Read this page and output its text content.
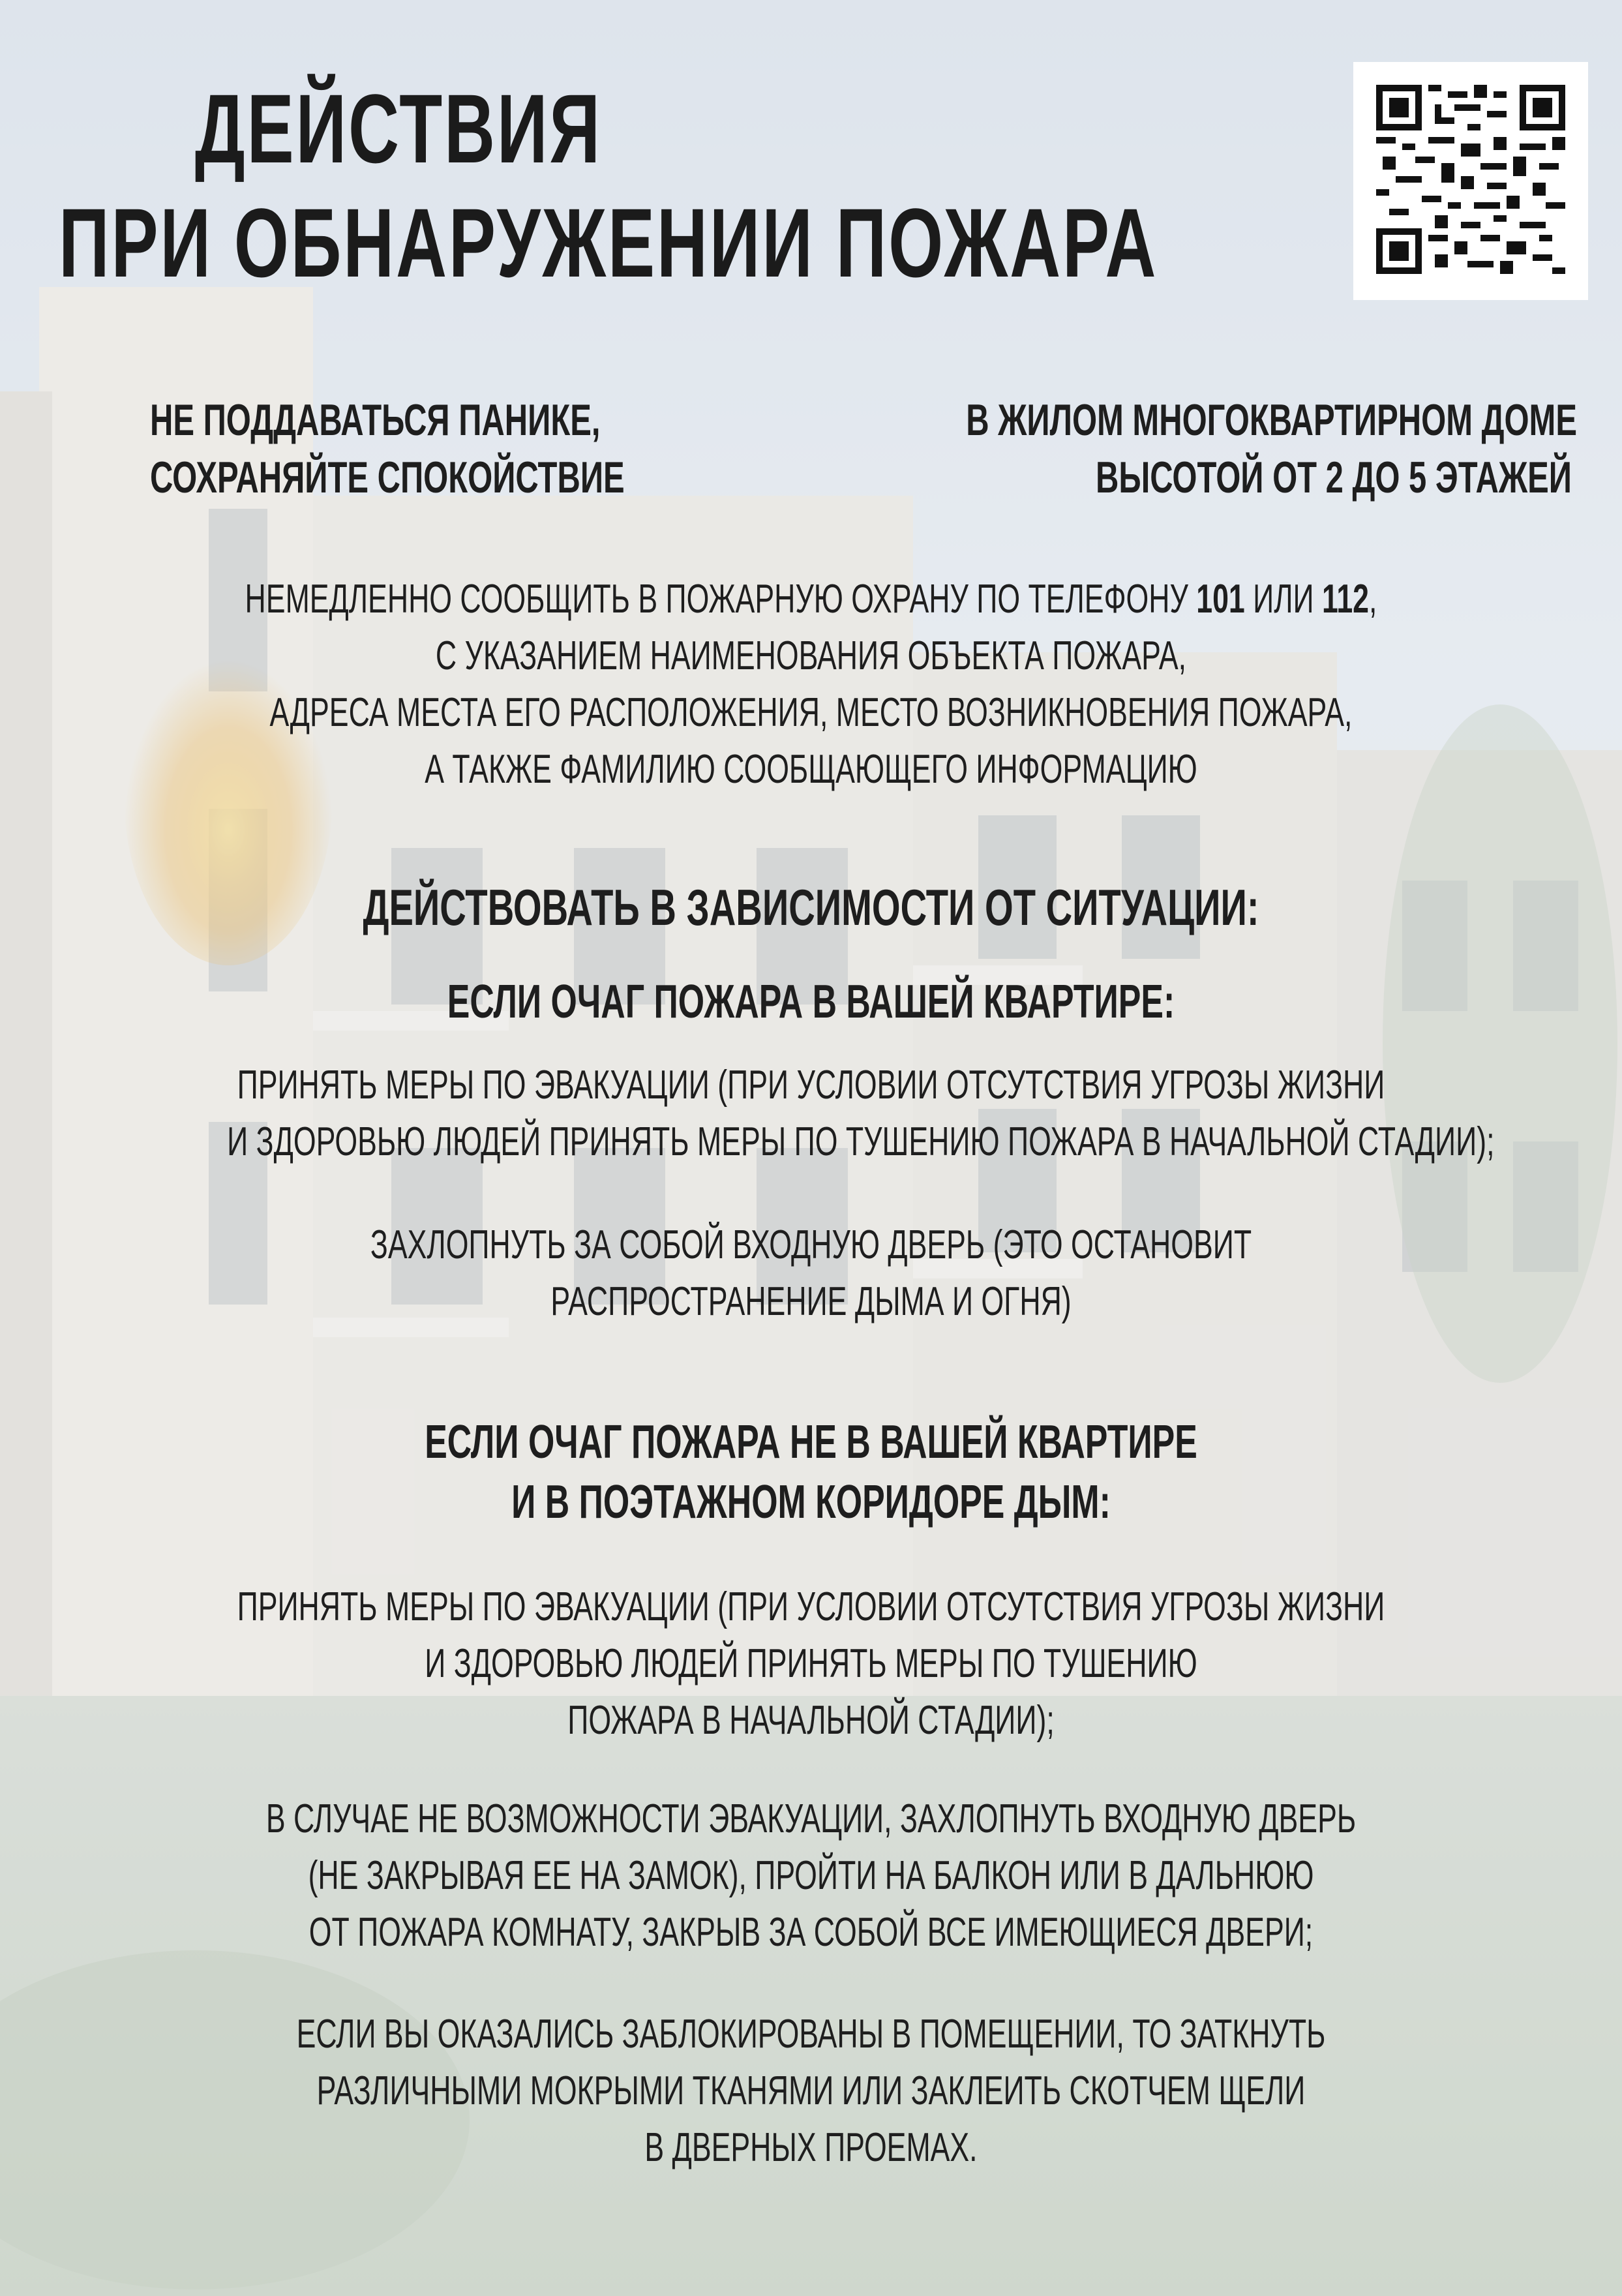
ДЕЙСТВИЯ
ПРИ ОБНАРУЖЕНИИ ПОЖАРА
НЕ ПОДДАВАТЬСЯ ПАНИКЕ,
СОХРАНЯЙТЕ СПОКОЙСТВИЕ
В ЖИЛОМ МНОГОКВАРТИРНОМ ДОМЕ
ВЫСОТОЙ ОТ 2 ДО 5 ЭТАЖЕЙ
НЕМЕДЛЕННО СООБЩИТЬ В ПОЖАРНУЮ ОХРАНУ ПО ТЕЛЕФОНУ 101 ИЛИ 112,
С УКАЗАНИЕМ НАИМЕНОВАНИЯ ОБЪЕКТА ПОЖАРА,
АДРЕСА МЕСТА ЕГО РАСПОЛОЖЕНИЯ, МЕСТО ВОЗНИКНОВЕНИЯ ПОЖАРА,
А ТАКЖЕ ФАМИЛИЮ СООБЩАЮЩЕГО ИНФОРМАЦИЮ
ДЕЙСТВОВАТЬ В ЗАВИСИМОСТИ ОТ СИТУАЦИИ:
ЕСЛИ ОЧАГ ПОЖАРА В ВАШЕЙ КВАРТИРЕ:
ПРИНЯТЬ МЕРЫ ПО ЭВАКУАЦИИ (ПРИ УСЛОВИИ ОТСУТСТВИЯ УГРОЗЫ ЖИЗНИ
И ЗДОРОВЬЮ ЛЮДЕЙ ПРИНЯТЬ МЕРЫ ПО ТУШЕНИЮ ПОЖАРА В НАЧАЛЬНОЙ СТАДИИ);
ЗАХЛОПНУТЬ ЗА СОБОЙ ВХОДНУЮ ДВЕРЬ (ЭТО ОСТАНОВИТ
РАСПРОСТРАНЕНИЕ ДЫМА И ОГНЯ)
ЕСЛИ ОЧАГ ПОЖАРА НЕ В ВАШЕЙ КВАРТИРЕ
И В ПОЭТАЖНОМ КОРИДОРЕ ДЫМ:
ПРИНЯТЬ МЕРЫ ПО ЭВАКУАЦИИ (ПРИ УСЛОВИИ ОТСУТСТВИЯ УГРОЗЫ ЖИЗНИ
И ЗДОРОВЬЮ ЛЮДЕЙ ПРИНЯТЬ МЕРЫ ПО ТУШЕНИЮ
ПОЖАРА В НАЧАЛЬНОЙ СТАДИИ);
В СЛУЧАЕ НЕ ВОЗМОЖНОСТИ ЭВАКУАЦИИ, ЗАХЛОПНУТЬ ВХОДНУЮ ДВЕРЬ
(НЕ ЗАКРЫВАЯ ЕЕ НА ЗАМОК), ПРОЙТИ НА БАЛКОН ИЛИ В ДАЛЬНЮЮ
ОТ ПОЖАРА КОМНАТУ, ЗАКРЫВ ЗА СОБОЙ ВСЕ ИМЕЮЩИЕСЯ ДВЕРИ;
ЕСЛИ ВЫ ОКАЗАЛИСЬ ЗАБЛОКИРОВАНЫ В ПОМЕЩЕНИИ, ТО ЗАТКНУТЬ
РАЗЛИЧНЫМИ МОКРЫМИ ТКАНЯМИ ИЛИ ЗАКЛЕИТЬ СКОТЧЕМ ЩЕЛИ
В ДВЕРНЫХ ПРОЕМАХ.
